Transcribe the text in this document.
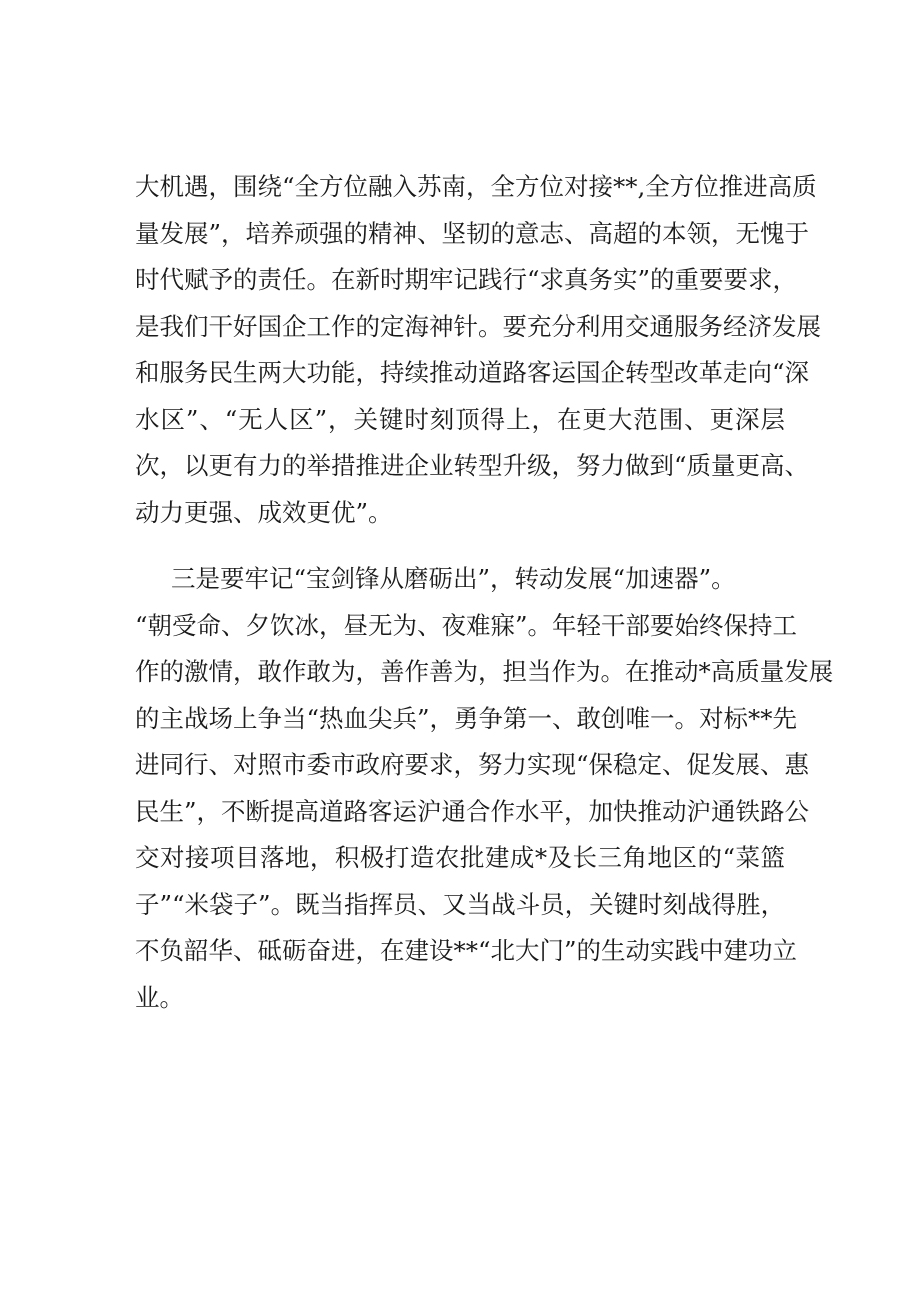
大机遇，围绕“全方位融入苏南，全方位对接**,全方位推进高质
量发展”，培养顽强的精神、坚韧的意志、高超的本领，无愧于
时代赋予的责任。在新时期牢记践行“求真务实”的重要要求，
是我们干好国企工作的定海神针。要充分利用交通服务经济发展
和服务民生两大功能，持续推动道路客运国企转型改革走向“深
水区”、“无人区”，关键时刻顶得上，在更大范围、更深层
次，以更有力的举措推进企业转型升级，努力做到“质量更高、
动力更强、成效更优”。
三是要牢记“宝剑锋从磨砺出”，转动发展“加速器”。
“朝受命、夕饮冰，昼无为、夜难寐”。年轻干部要始终保持工
作的激情，敢作敢为，善作善为，担当作为。在推动*高质量发展
的主战场上争当“热血尖兵”，勇争第一、敢创唯一。对标**先
进同行、对照市委市政府要求，努力实现“保稳定、促发展、惠
民生”，不断提高道路客运沪通合作水平，加快推动沪通铁路公
交对接项目落地，积极打造农批建成*及长三角地区的“菜篮
子”“米袋子”。既当指挥员、又当战斗员，关键时刻战得胜，
不负韶华、砥砺奋进，在建设**“北大门”的生动实践中建功立
业。
